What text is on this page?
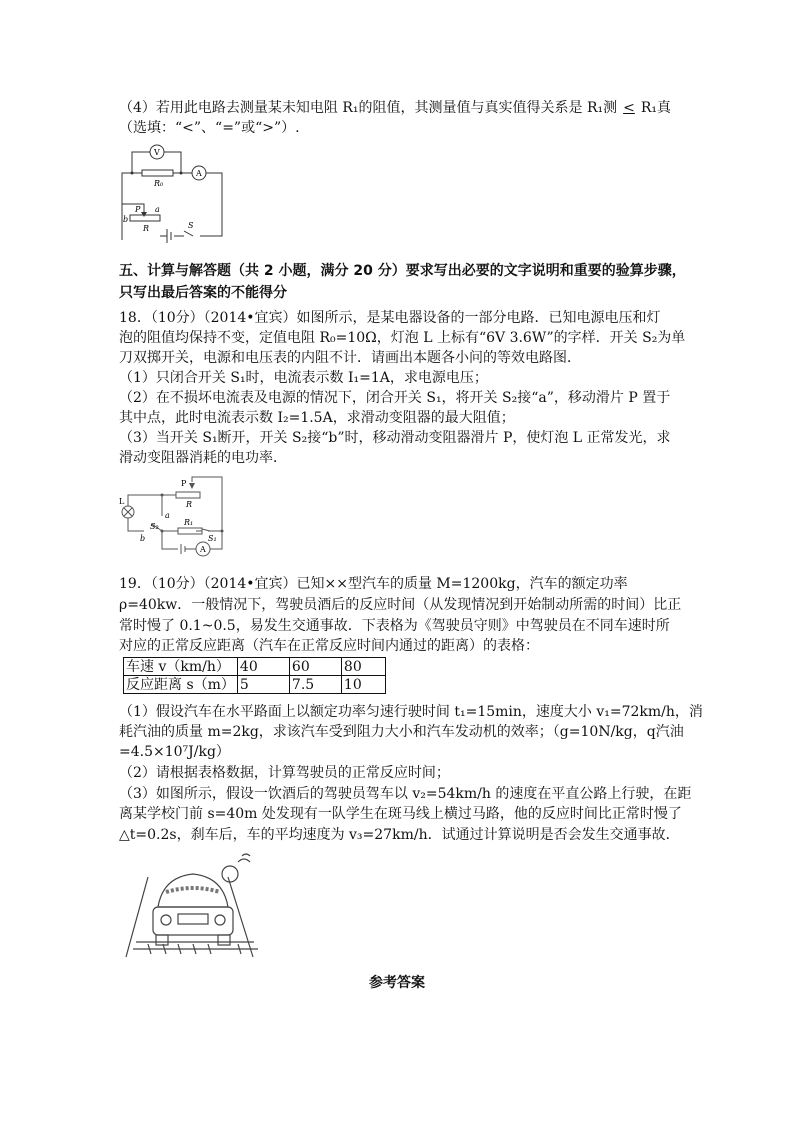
（4）若用此电路去测量某未知电阻 R₁的阻值，其测量值与真实值得关系是 R₁测 < R₁真
（选填：“<”、“=”或“>”）.
V
A
R₀
P
b
a
R	S
五、计算与解答题（共 2 小题，满分 20 分）要求写出必要的文字说明和重要的验算步骤，
只写出最后答案的不能得分
18．（10分）（2014•宜宾）如图所示，是某电器设备的一部分电路．已知电源电压和灯
泡的阻值均保持不变，定值电阻 R₀=10Ω，灯泡 L 上标有“6V 3.6W”的字样．开关 S₂为单
刀双掷开关，电源和电压表的内阻不计．请画出本题各小问的等效电路图．
（1）只闭合开关 S₁时，电流表示数 I₁=1A，求电源电压；
（2）在不损坏电流表及电源的情况下，闭合开关 S₁，将开关 S₂接“a”，移动滑片 P 置于
其中点，此时电流表示数 I₂=1.5A，求滑动变阻器的最大阻值；
（3）当开关 S₁断开，开关 S₂接“b”时，移动滑动变阻器滑片 P，使灯泡 L 正常发光，求
滑动变阻器消耗的电功率．
P
R
L
a
S₂
b
R₁
S₁
A
19．（10分）（2014•宜宾）已知××型汽车的质量 M=1200kg，汽车的额定功率
ρ=40kw．一般情况下，驾驶员酒后的反应时间（从发现情况到开始制动所需的时间）比正
常时慢了 0.1~0.5，易发生交通事故．下表格为《驾驶员守则》中驾驶员在不同车速时所
对应的正常反应距离（汽车在正常反应时间内通过的距离）的表格：
车速 v（km/h）	40	60	80
反应距离 s（m）	5	7.5	10
（1）假设汽车在水平路面上以额定功率匀速行驶时间 t₁=15min，速度大小 v₁=72km/h，消
耗汽油的质量 m=2kg，求该汽车受到阻力大小和汽车发动机的效率；（g=10N/kg，q汽油
=4.5×10⁷J/kg）
（2）请根据表格数据，计算驾驶员的正常反应时间；
（3）如图所示，假设一饮酒后的驾驶员驾车以 v₂=54km/h 的速度在平直公路上行驶，在距
离某学校门前 s=40m 处发现有一队学生在斑马线上横过马路，他的反应时间比正常时慢了
△t=0.2s，刹车后，车的平均速度为 v₃=27km/h．试通过计算说明是否会发生交通事故．
参考答案
